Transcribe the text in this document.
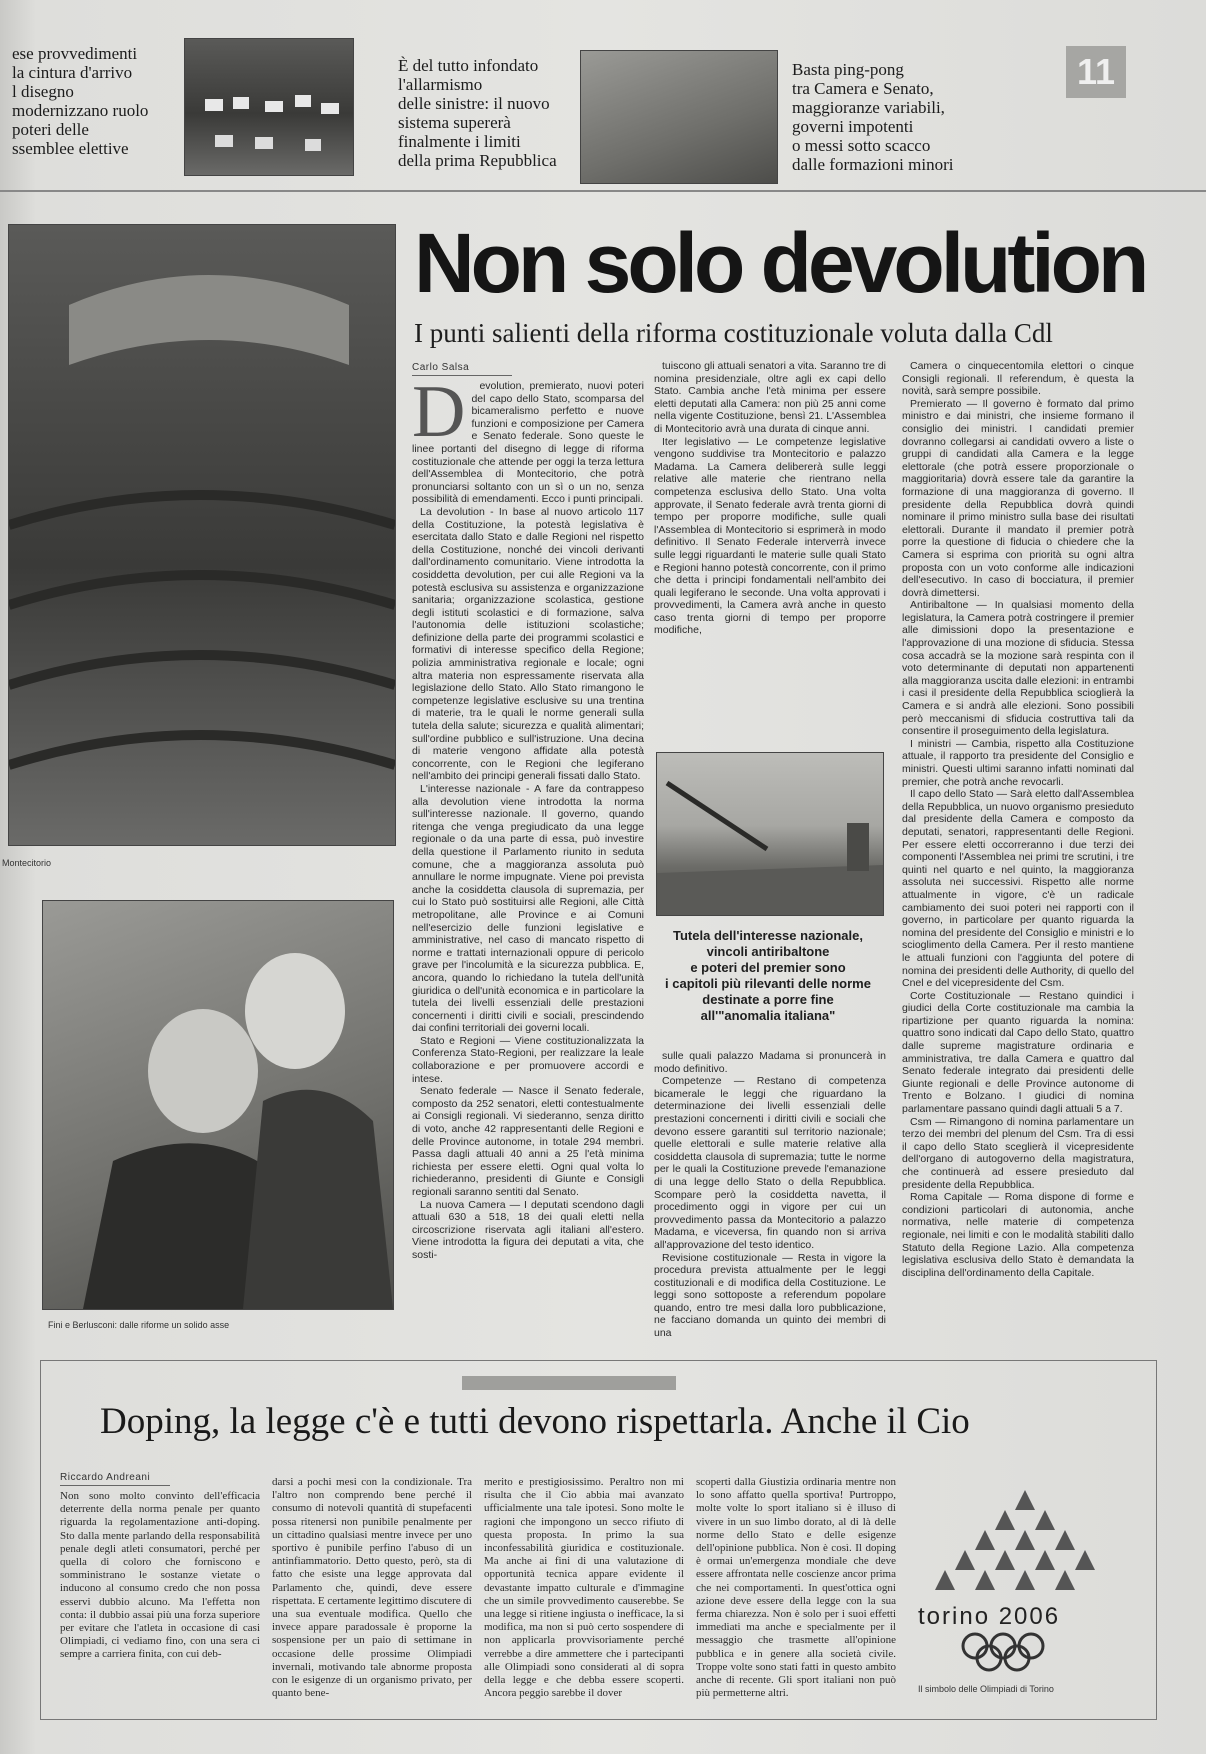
ese provvedimenti
la cintura d'arrivo
l disegno
modernizzano ruolo
poteri delle
ssemblee elettive
È del tutto infondato
l'allarmismo
delle sinistre: il nuovo
sistema supererà
finalmente i limiti
della prima Repubblica
Basta ping-pong
tra Camera e Senato,
maggioranze variabili,
governi impotenti
o messi sotto scacco
dalle formazioni minori
11
Montecitorio
Fini e Berlusconi: dalle riforme un solido asse
Non solo devolution
I punti salienti della riforma costituzionale voluta dalla Cdl
Carlo Salsa
D	evolution, premierato, nuovi poteri del capo dello Stato, scomparsa del bicameralismo perfetto e nuove funzioni e composizione per Camera e Senato federale. Sono queste le linee portanti del disegno di legge di riforma costituzionale che attende per oggi la terza lettura dell'Assemblea di Montecitorio, che potrà pronunciarsi soltanto con un sì o un no, senza possibilità di emendamenti. Ecco i punti principali.

La devolution - In base al nuovo articolo 117 della Costituzione, la potestà legislativa è esercitata dallo Stato e dalle Regioni nel rispetto della Costituzione, nonché dei vincoli derivanti dall'ordinamento comunitario. Viene introdotta la cosiddetta devolution, per cui alle Regioni va la potestà esclusiva su assistenza e organizzazione sanitaria; organizzazione scolastica, gestione degli istituti scolastici e di formazione, salva l'autonomia delle istituzioni scolastiche; definizione della parte dei programmi scolastici e formativi di interesse specifico della Regione; polizia amministrativa regionale e locale; ogni altra materia non espressamente riservata alla legislazione dello Stato. Allo Stato rimangono le competenze legislative esclusive su una trentina di materie, tra le quali le norme generali sulla tutela della salute; sicurezza e qualità alimentari; sull'ordine pubblico e sull'istruzione. Una decina di materie vengono affidate alla potestà concorrente, con le Regioni che legiferano nell'ambito dei principi generali fissati dallo Stato.

L'interesse nazionale - A fare da contrappeso alla devolution viene introdotta la norma sull'interesse nazionale. Il governo, quando ritenga che venga pregiudicato da una legge regionale o da una parte di essa, può investire della questione il Parlamento riunito in seduta comune, che a maggioranza assoluta può annullare le norme impugnate. Viene poi prevista anche la cosiddetta clausola di supremazia, per cui lo Stato può sostituirsi alle Regioni, alle Città metropolitane, alle Province e ai Comuni nell'esercizio delle funzioni legislative e amministrative, nel caso di mancato rispetto di norme e trattati internazionali oppure di pericolo grave per l'incolumità e la sicurezza pubblica. E, ancora, quando lo richiedano la tutela dell'unità giuridica o dell'unità economica e in particolare la tutela dei livelli essenziali delle prestazioni concernenti i diritti civili e sociali, prescindendo dai confini territoriali dei governi locali.

Stato e Regioni — Viene costituzionalizzata la Conferenza Stato-Regioni, per realizzare la leale collaborazione e per promuovere accordi e intese.

Senato federale — Nasce il Senato federale, composto da 252 senatori, eletti contestualmente ai Consigli regionali. Vi siederanno, senza diritto di voto, anche 42 rappresentanti delle Regioni e delle Province autonome, in totale 294 membri. Passa dagli attuali 40 anni a 25 l'età minima richiesta per essere eletti. Ogni qual volta lo richiederanno, presidenti di Giunte e Consigli regionali saranno sentiti dal Senato.

La nuova Camera — I deputati scendono dagli attuali 630 a 518, 18 dei quali eletti nella circoscrizione riservata agli italiani all'estero. Viene introdotta la figura dei deputati a vita, che sosti-

tuiscono gli attuali senatori a vita. Saranno tre di nomina presidenziale, oltre agli ex capi dello Stato. Cambia anche l'età minima per essere eletti deputati alla Camera: non più 25 anni come nella vigente Costituzione, bensì 21. L'Assemblea di Montecitorio avrà una durata di cinque anni.

Iter legislativo — Le competenze legislative vengono suddivise tra Montecitorio e palazzo Madama. La Camera delibererà sulle leggi relative alle materie che rientrano nella competenza esclusiva dello Stato. Una volta approvate, il Senato federale avrà trenta giorni di tempo per proporre modifiche, sulle quali l'Assemblea di Montecitorio si esprimerà in modo definitivo. Il Senato Federale interverrà invece sulle leggi riguardanti le materie sulle quali Stato e Regioni hanno potestà concorrente, con il primo che detta i principi fondamentali nell'ambito dei quali legiferano le seconde. Una volta approvati i provvedimenti, la Camera avrà anche in questo caso trenta giorni di tempo per proporre modifiche,

Tutela dell'interesse nazionale,
vincoli antiribaltone
e poteri del premier sono
i capitoli più rilevanti delle norme
destinate a porre fine
all'"anomalia italiana"

sulle quali palazzo Madama si pronuncerà in modo definitivo.

Competenze — Restano di competenza bicamerale le leggi che riguardano la determinazione dei livelli essenziali delle prestazioni concernenti i diritti civili e sociali che devono essere garantiti sul territorio nazionale; quelle elettorali e sulle materie relative alla cosiddetta clausola di supremazia; tutte le norme per le quali la Costituzione prevede l'emanazione di una legge dello Stato o della Repubblica. Scompare però la cosiddetta navetta, il procedimento oggi in vigore per cui un provvedimento passa da Montecitorio a palazzo Madama, e viceversa, fin quando non si arriva all'approvazione del testo identico.

Revisione costituzionale — Resta in vigore la procedura prevista attualmente per le leggi costituzionali e di modifica della Costituzione. Le leggi sono sottoposte a referendum popolare quando, entro tre mesi dalla loro pubblicazione, ne facciano domanda un quinto dei membri di una

Camera o cinquecentomila elettori o cinque Consigli regionali. Il referendum, è questa la novità, sarà sempre possibile.

Premierato — Il governo è formato dal primo ministro e dai ministri, che insieme formano il consiglio dei ministri. I candidati premier dovranno collegarsi ai candidati ovvero a liste o gruppi di candidati alla Camera e la legge elettorale (che potrà essere proporzionale o maggioritaria) dovrà essere tale da garantire la formazione di una maggioranza di governo. Il presidente della Repubblica dovrà quindi nominare il primo ministro sulla base dei risultati elettorali. Durante il mandato il premier potrà porre la questione di fiducia o chiedere che la Camera si esprima con priorità su ogni altra proposta con un voto conforme alle indicazioni dell'esecutivo. In caso di bocciatura, il premier dovrà dimettersi.

Antiribaltone — In qualsiasi momento della legislatura, la Camera potrà costringere il premier alle dimissioni dopo la presentazione e l'approvazione di una mozione di sfiducia. Stessa cosa accadrà se la mozione sarà respinta con il voto determinante di deputati non appartenenti alla maggioranza uscita dalle elezioni: in entrambi i casi il presidente della Repubblica scioglierà la Camera e si andrà alle elezioni. Sono possibili però meccanismi di sfiducia costruttiva tali da consentire il proseguimento della legislatura.

I ministri — Cambia, rispetto alla Costituzione attuale, il rapporto tra presidente del Consiglio e ministri. Questi ultimi saranno infatti nominati dal premier, che potrà anche revocarli.

Il capo dello Stato — Sarà eletto dall'Assemblea della Repubblica, un nuovo organismo presieduto dal presidente della Camera e composto da deputati, senatori, rappresentanti delle Regioni. Per essere eletti occorreranno i due terzi dei componenti l'Assemblea nei primi tre scrutini, i tre quinti nel quarto e nel quinto, la maggioranza assoluta nei successivi. Rispetto alle norme attualmente in vigore, c'è un radicale cambiamento dei suoi poteri nei rapporti con il governo, in particolare per quanto riguarda la nomina del presidente del Consiglio e ministri e lo scioglimento della Camera. Per il resto mantiene le attuali funzioni con l'aggiunta del potere di nomina dei presidenti delle Authority, di quello del Cnel e del vicepresidente del Csm.

Corte Costituzionale — Restano quindici i giudici della Corte costituzionale ma cambia la ripartizione per quanto riguarda la nomina: quattro sono indicati dal Capo dello Stato, quattro dalle supreme magistrature ordinaria e amministrativa, tre dalla Camera e quattro dal Senato federale integrato dai presidenti delle Giunte regionali e delle Province autonome di Trento e Bolzano. I giudici di nomina parlamentare passano quindi dagli attuali 5 a 7.

Csm — Rimangono di nomina parlamentare un terzo dei membri del plenum del Csm. Tra di essi il capo dello Stato sceglierà il vicepresidente dell'organo di autogoverno della magistratura, che continuerà ad essere presieduto dal presidente della Repubblica.

Roma Capitale — Roma dispone di forme e condizioni particolari di autonomia, anche normativa, nelle materie di competenza regionale, nei limiti e con le modalità stabiliti dallo Statuto della Regione Lazio. Alla competenza legislativa esclusiva dello Stato è demandata la disciplina dell'ordinamento della Capitale.

Doping, la legge c'è e tutti devono rispettarla. Anche il Cio
Riccardo Andreani
Non sono molto convinto dell'efficacia deterrente della norma penale per quanto riguarda la regolamentazione anti-doping. Sto dalla mente parlando della responsabilità penale degli atleti consumatori, perché per quella di coloro che forniscono e somministrano le sostanze vietate o inducono al consumo credo che non possa esservi dubbio alcuno. Ma l'effetta non conta: il dubbio assai più una forza superiore per evitare che l'atleta in occasione di casi Olimpiadi, ci vediamo fino, con una sera ci sempre a carriera finita, con cui deb-
darsi a pochi mesi con la condizionale. Tra l'altro non comprendo bene perché il consumo di notevoli quantità di stupefacenti possa ritenersi non punibile penalmente per un cittadino qualsiasi mentre invece per uno sportivo è punibile perfino l'abuso di un antinfiammatorio. Detto questo, però, sta di fatto che esiste una legge approvata dal Parlamento che, quindi, deve essere rispettata. E certamente legittimo discutere di una sua eventuale modifica. Quello che invece appare paradossale è proporne la sospensione per un paio di settimane in occasione delle prossime Olimpiadi invernali, motivando tale abnorme proposta con le esigenze di un organismo privato, per quanto bene-
merito e prestigiosissimo. Peraltro non mi risulta che il Cio abbia mai avanzato ufficialmente una tale ipotesi. Sono molte le ragioni che impongono un secco rifiuto di questa proposta. In primo la sua inconfessabilità giuridica e costituzionale. Ma anche ai fini di una valutazione di opportunità tecnica appare evidente il devastante impatto culturale e d'immagine che un simile provvedimento causerebbe. Se una legge si ritiene ingiusta o inefficace, la si modifica, ma non si può certo sospendere di non applicarla provvisoriamente perché verrebbe a dire ammettere che i partecipanti alle Olimpiadi sono considerati al di sopra della legge e che debba essere scoperti. Ancora peggio sarebbe il dover
scoperti dalla Giustizia ordinaria mentre non lo sono affatto quella sportiva! Purtroppo, molte volte lo sport italiano si è illuso di vivere in un suo limbo dorato, al di là delle norme dello Stato e delle esigenze dell'opinione pubblica. Non è così. Il doping è ormai un'emergenza mondiale che deve essere affrontata nelle coscienze ancor prima che nei comportamenti. In quest'ottica ogni azione deve essere della legge con la sua ferma chiarezza. Non è solo per i suoi effetti immediati ma anche e specialmente per il messaggio che trasmette all'opinione pubblica e in genere alla società civile. Troppe volte sono stati fatti in questo ambito anche di recente. Gli sport italiani non può più permetterne altri.
torino 2006
Il simbolo delle Olimpiadi di Torino
